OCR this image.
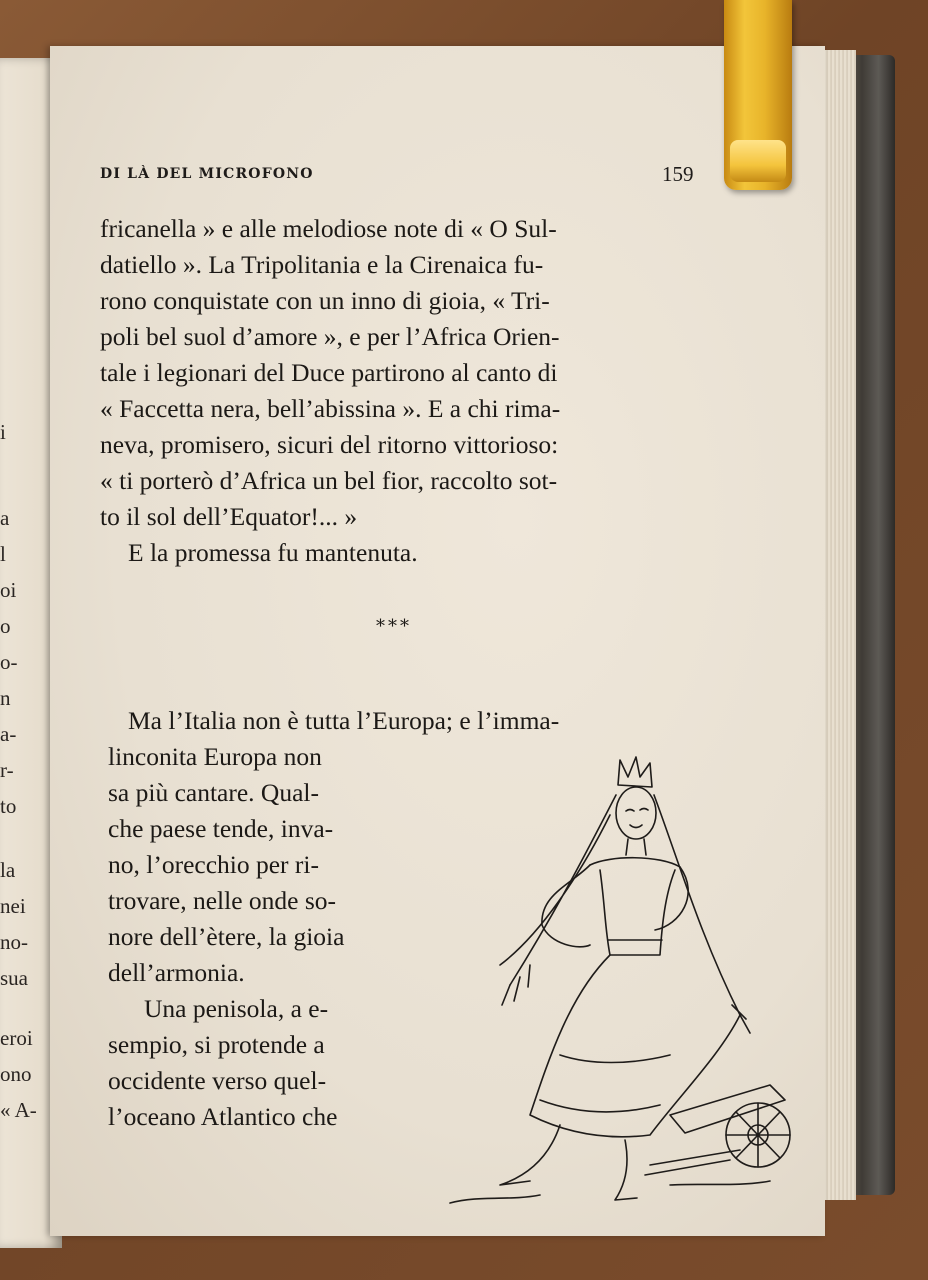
i
a
l
oi
o
o-
n
a-
r-
to
la
nei
no-
sua
eroi
ono
« A-
DI LÀ DEL MICROFONO	159
fricanella » e alle melodiose note di « O Sul-
datiello ». La Tripolitania e la Cirenaica fu-
rono conquistate con un inno di gioia, « Tri-
poli bel suol d’amore », e per l’Africa Orien-
tale i legionari del Duce partirono al canto di
« Faccetta nera, bell’abissina ». E a chi rima-
neva, promisero, sicuri del ritorno vittorioso:
« ti porterò d’Africa un bel fior, raccolto sot-
to il sol dell’Equator!... »
E la promessa fu mantenuta.
***
Ma l’Italia non è tutta l’Europa; e l’imma-
linconita Europa non
sa più cantare. Qual-
che paese tende, inva-
no, l’orecchio per ri-
trovare, nelle onde so-
nore dell’ètere, la gioia
dell’armonia.
Una penisola, a e-
sempio, si protende a
occidente verso quel-
l’oceano Atlantico che
